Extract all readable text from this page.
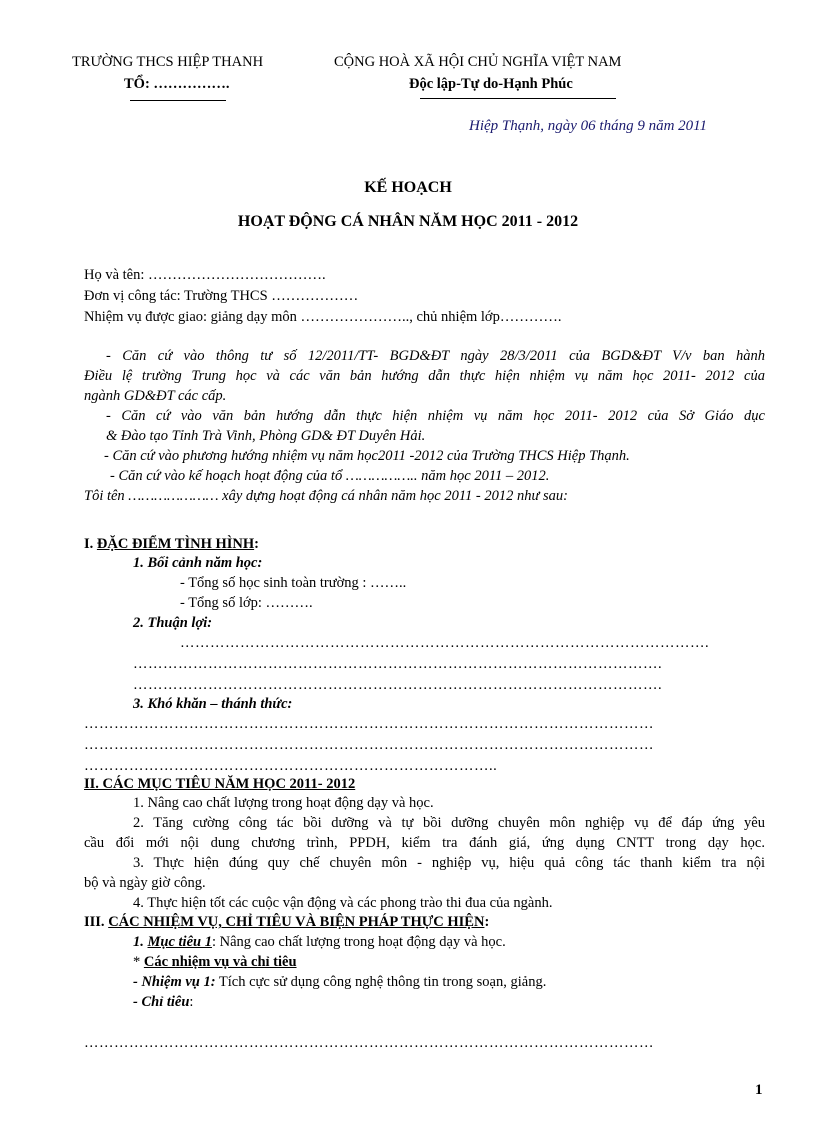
TRƯỜNG THCS HIỆP THANH
TỔ: …………….
CỘNG HOÀ XÃ HỘI CHỦ NGHĨA VIỆT NAM
Độc lập-Tự do-Hạnh Phúc
Hiệp Thạnh, ngày 06 tháng 9 năm 2011
KẾ HOẠCH
HOẠT ĐỘNG CÁ NHÂN NĂM HỌC 2011 - 2012
Họ và tên: ……………………………….
Đơn vị công tác: Trường THCS ………………
Nhiệm vụ được giao: giảng dạy môn ………………….., chủ nhiệm lớp………….
- Căn cứ vào thông tư số 12/2011/TT- BGD&ĐT ngày 28/3/2011 của BGD&ĐT V/v ban hành
Điều lệ trường Trung học và các văn bản hướng dẫn thực hiện nhiệm vụ năm học 2011- 2012 của
ngành GD&ĐT các cấp.
- Căn cứ vào văn bản hướng dẫn thực hiện nhiệm vụ năm học 2011- 2012 của Sở Giáo dục
& Đào tạo Tỉnh Trà Vinh, Phòng GD& ĐT Duyên Hải.
- Căn cứ vào phương hướng nhiệm vụ năm học2011 -2012 của Trường THCS Hiệp Thạnh.
- Căn cứ vào kế hoạch hoạt động của tổ …………….. năm học 2011 – 2012.
Tôi tên ………………… xây dựng hoạt động cá nhân năm học 2011 - 2012 như sau:
I. ĐẶC ĐIỂM TÌNH HÌNH:
1. Bối cảnh năm học:
- Tổng số học sinh toàn trường : ……..
- Tổng số lớp: ……….
2. Thuận lợi:
…………………………………………………………………………………………….
…………………………………………………………………………………………….
…………………………………………………………………………………………….
3. Khó khăn – thánh thức:
……………………………………………………………………………………………………
……………………………………………………………………………………………………
………………………………………………………………………..
II. CÁC MỤC TIÊU NĂM HỌC 2011- 2012
1. Nâng cao chất lượng trong hoạt động dạy và học.
2. Tăng cường công tác bồi dưỡng và tự bồi dưỡng chuyên môn nghiệp vụ để đáp ứng yêu
cầu đổi mới nội dung chương trình, PPDH, kiểm tra đánh giá, ứng dụng CNTT trong dạy học.
3. Thực hiện đúng quy chế chuyên môn - nghiệp vụ, hiệu quả công tác thanh kiểm tra nội
bộ và ngày giờ công.
4. Thực hiện tốt các cuộc vận động và các phong trào thi đua của ngành.
III. CÁC NHIỆM VỤ, CHỈ TIÊU VÀ BIỆN PHÁP THỰC HIỆN:
1. Mục tiêu 1: Nâng cao chất lượng trong hoạt động dạy và học.
* Các nhiệm vụ và chỉ tiêu
- Nhiệm vụ 1: Tích cực sử dụng công nghệ thông tin trong soạn, giảng.
- Chỉ tiêu:
……………………………………………………………………………………………………
1
